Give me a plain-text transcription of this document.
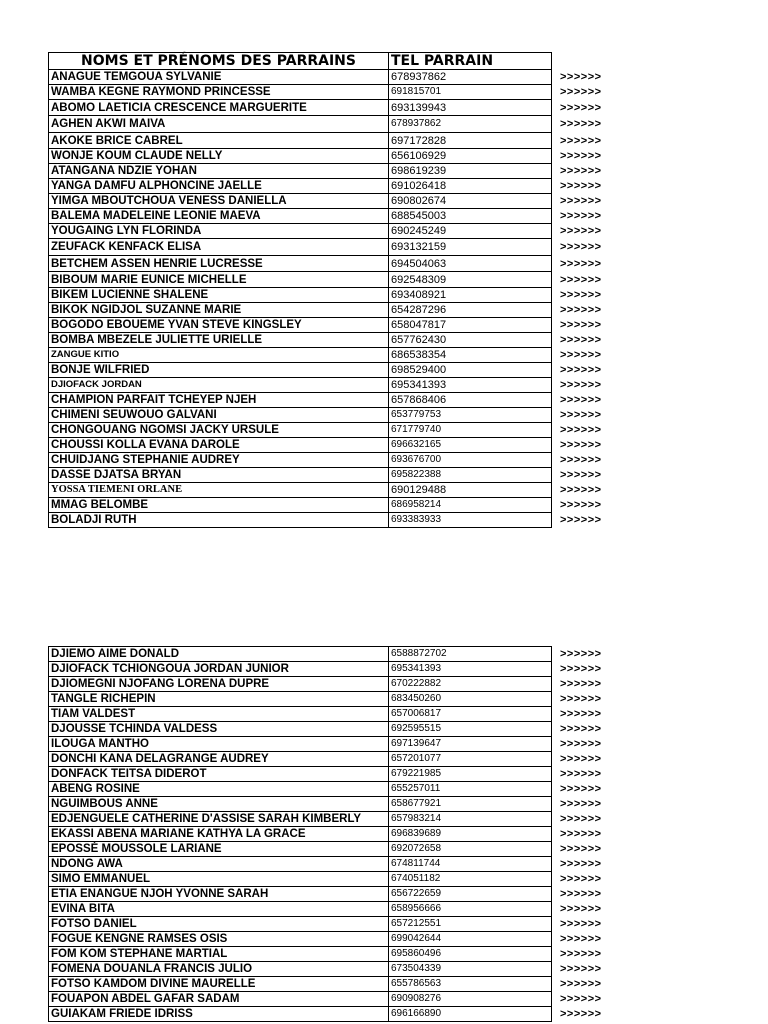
NOMS ET PRÉNOMS DES PARRAINS	TEL PARRAIN	
ANAGUE TEMGOUA SYLVANIE	678937862	>>>>>>
WAMBA KEGNE RAYMOND PRINCESSE	691815701	>>>>>>
ABOMO LAETICIA CRESCENCE MARGUERITE	693139943	>>>>>>
AGHEN AKWI MAIVA	678937862	>>>>>>
AKOKE BRICE CABREL	697172828	>>>>>>
WONJE KOUM CLAUDE NELLY	656106929	>>>>>>
ATANGANA NDZIE YOHAN	698619239	>>>>>>
YANGA DAMFU ALPHONCINE JAELLE	691026418	>>>>>>
YIMGA MBOUTCHOUA VENESS DANIELLA	690802674	>>>>>>
BALEMA MADELEINE LEONIE MAEVA	688545003	>>>>>>
YOUGAING LYN FLORINDA	690245249	>>>>>>
ZEUFACK KENFACK ELISA	693132159	>>>>>>
BETCHEM ASSEN HENRIE LUCRESSE	694504063	>>>>>>
BIBOUM MARIE EUNICE MICHELLE	692548309	>>>>>>
BIKEM LUCIENNE SHALENE	693408921	>>>>>>
BIKOK NGIDJOL SUZANNE MARIE	654287296	>>>>>>
BOGODO EBOUEME YVAN STEVE KINGSLEY	658047817	>>>>>>
BOMBA MBEZELE JULIETTE URIELLE	657762430	>>>>>>
ZANGUE KITIO	686538354	>>>>>>
BONJE WILFRIED	698529400	>>>>>>
DJIOFACK JORDAN	695341393	>>>>>>
CHAMPION PARFAIT TCHEYEP NJEH	657868406	>>>>>>
CHIMENI SEUWOUO GALVANI	653779753	>>>>>>
CHONGOUANG NGOMSI JACKY URSULE	671779740	>>>>>>
CHOUSSI KOLLA EVANA DAROLE	696632165	>>>>>>
CHUIDJANG STEPHANIE AUDREY	693676700	>>>>>>
DASSE DJATSA BRYAN	695822388	>>>>>>
YOSSA TIEMENI ORLANE	690129488	>>>>>>
MMAG BELOMBE	686958214	>>>>>>
BOLADJI RUTH	693383933	>>>>>>
DJIEMO AIME DONALD	6588872702	>>>>>>
DJIOFACK TCHIONGOUA JORDAN JUNIOR	695341393	>>>>>>
DJIOMEGNI NJOFANG LORENA DUPRE	670222882	>>>>>>
TANGLE RICHEPIN	683450260	>>>>>>
TIAM VALDEST	657006817	>>>>>>
DJOUSSE TCHINDA VALDESS	692595515	>>>>>>
ILOUGA MANTHO	697139647	>>>>>>
DONCHI KANA DELAGRANGE AUDREY	657201077	>>>>>>
DONFACK TEITSA DIDEROT	679221985	>>>>>>
ABENG ROSINE	655257011	>>>>>>
NGUIMBOUS ANNE	658677921	>>>>>>
EDJENGUELE CATHERINE D'ASSISE SARAH KIMBERLY	657983214	>>>>>>
EKASSI ABENA MARIANE KATHYA LA GRACE	696839689	>>>>>>
EPOSSÉ MOUSSOLE LARIANE	692072658	>>>>>>
NDONG AWA	674811744	>>>>>>
SIMO EMMANUEL	674051182	>>>>>>
ETIA ENANGUE NJOH YVONNE SARAH	656722659	>>>>>>
EVINA BITA	658956666	>>>>>>
FOTSO DANIEL	657212551	>>>>>>
FOGUE KENGNE RAMSES OSIS	699042644	>>>>>>
FOM KOM STEPHANE MARTIAL	695860496	>>>>>>
FOMENA DOUANLA FRANCIS JULIO	673504339	>>>>>>
FOTSO KAMDOM DIVINE MAURELLE	655786563	>>>>>>
FOUAPON ABDEL GAFAR SADAM	690908276	>>>>>>
GUIAKAM FRIEDE IDRISS	696166890	>>>>>>
